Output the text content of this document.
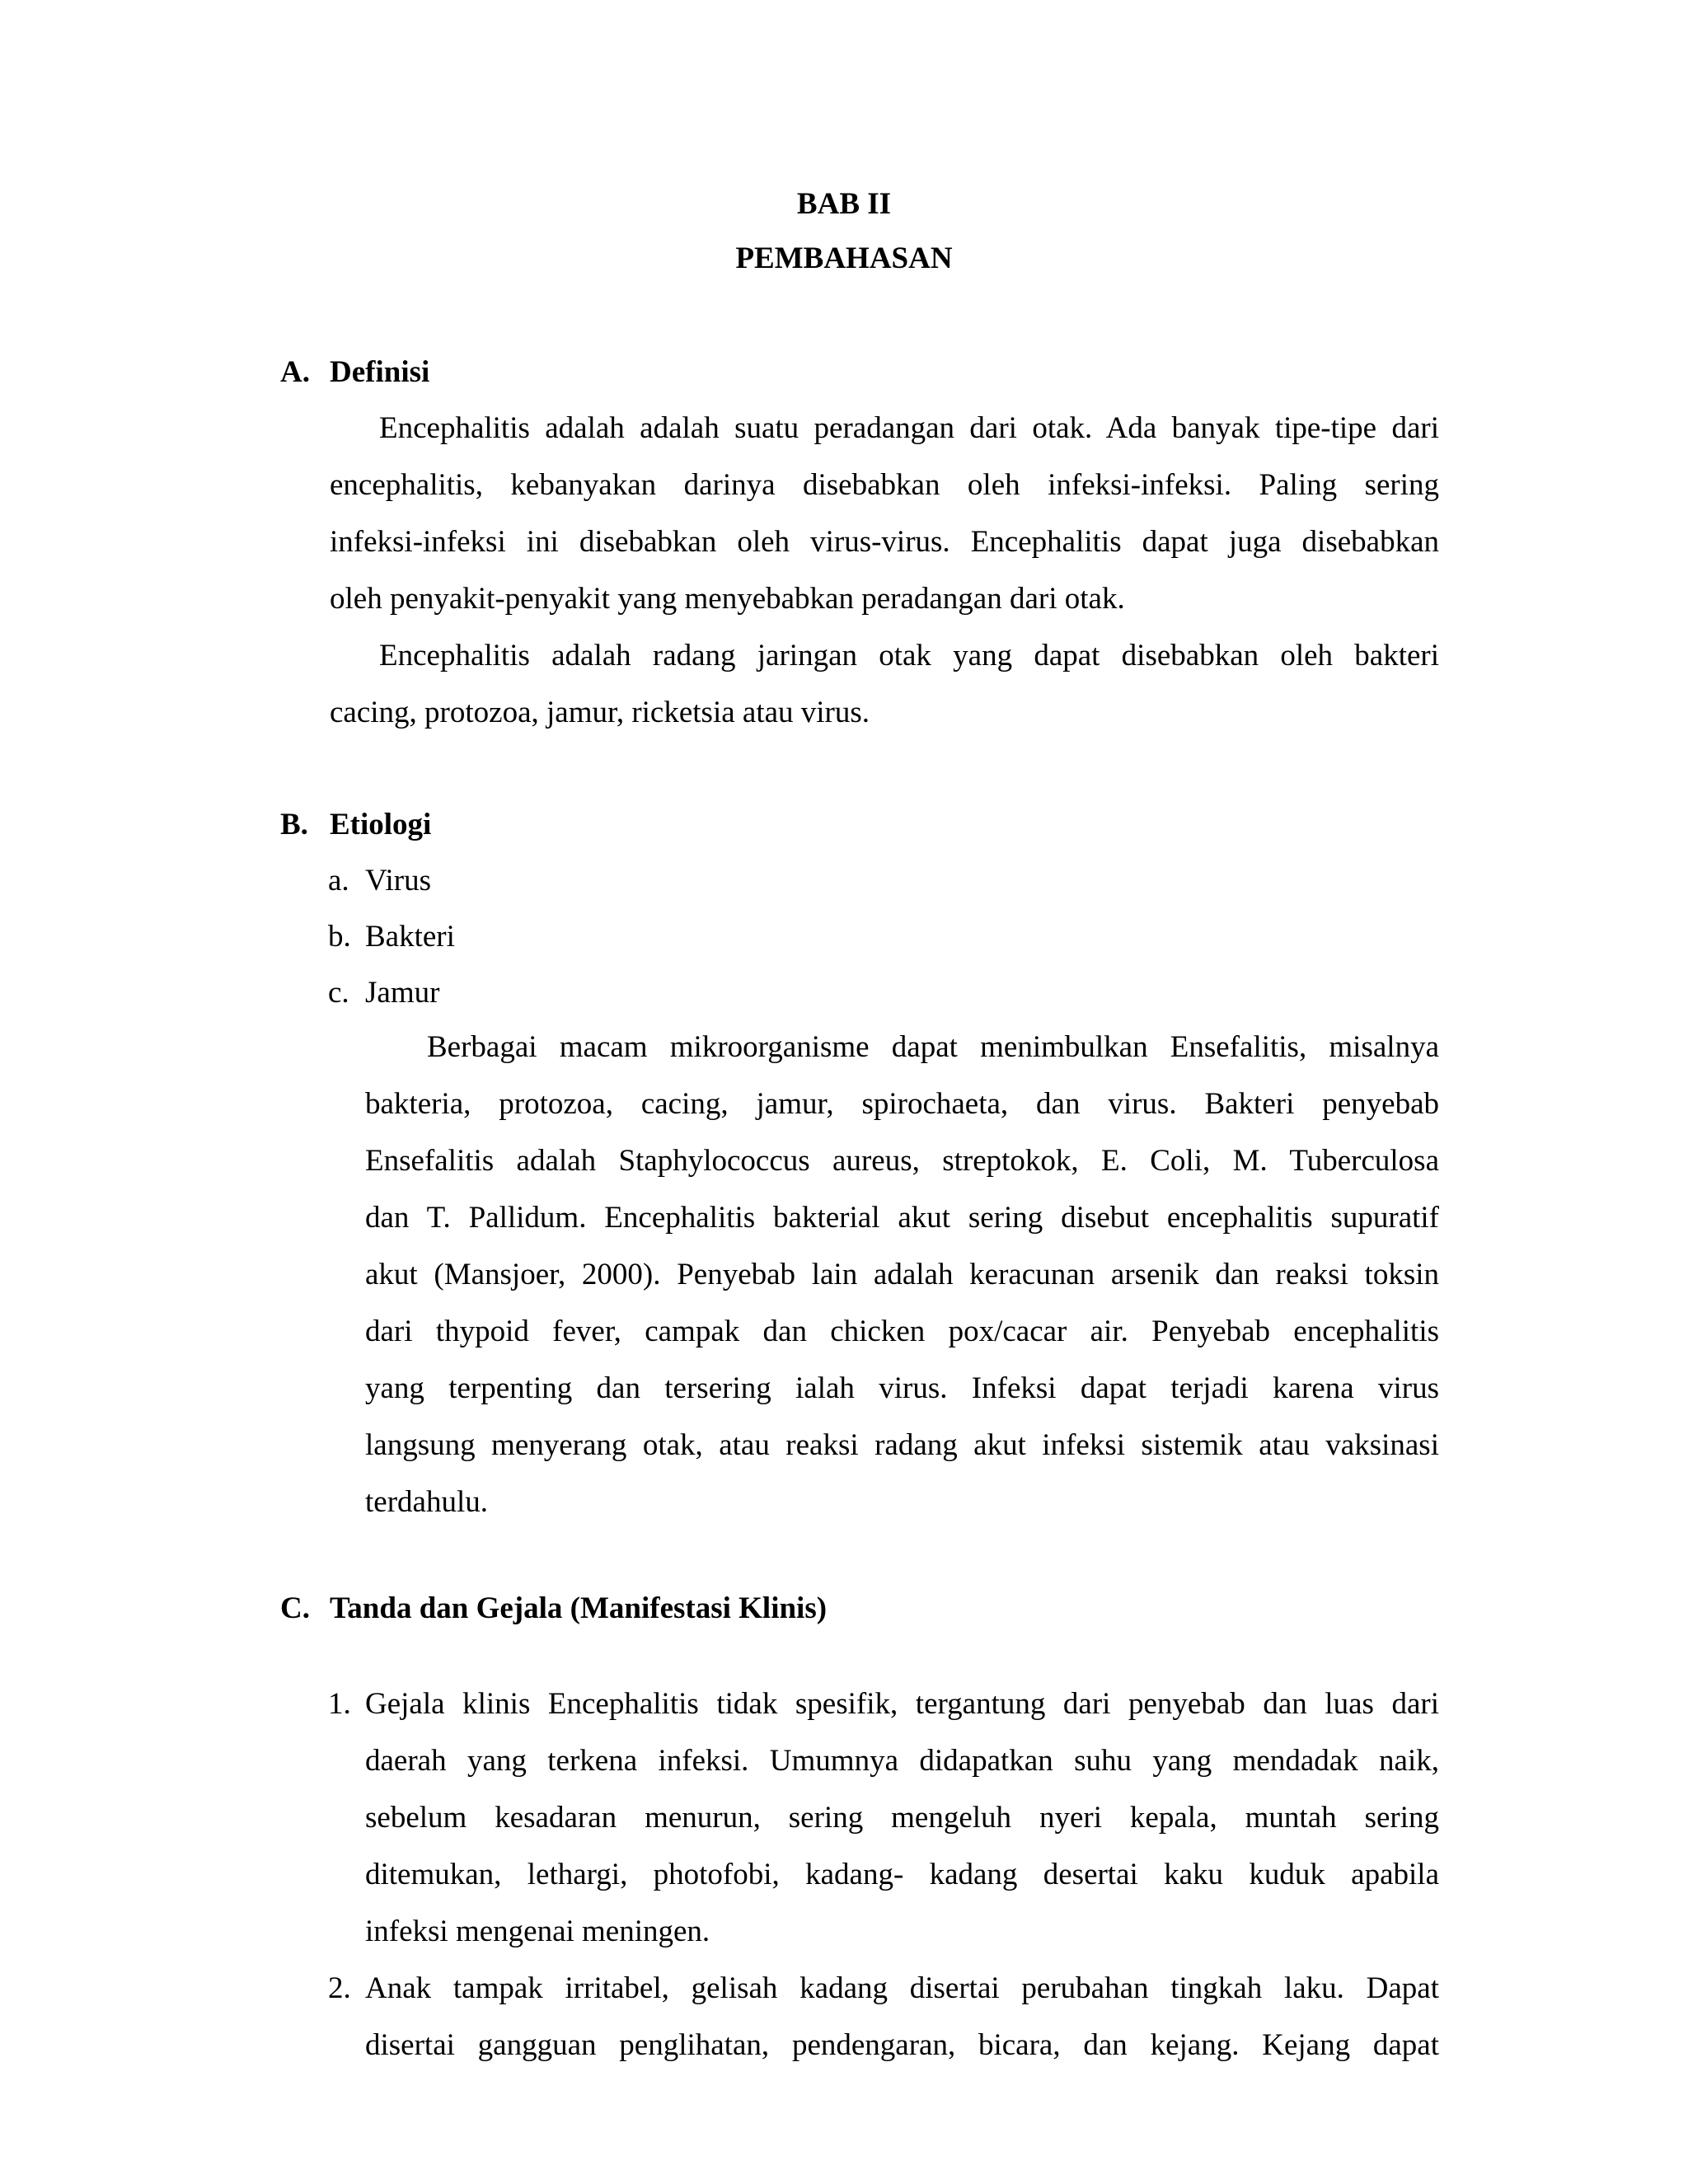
BAB II
PEMBAHASAN
A. Definisi
Encephalitis adalah adalah suatu peradangan dari otak. Ada banyak tipe-tipe dari
encephalitis, kebanyakan darinya disebabkan oleh infeksi-infeksi. Paling sering
infeksi-infeksi ini disebabkan oleh virus-virus. Encephalitis dapat juga disebabkan
oleh penyakit-penyakit yang menyebabkan peradangan dari otak.
Encephalitis adalah radang jaringan otak yang dapat disebabkan oleh bakteri
cacing, protozoa, jamur, ricketsia atau virus.
B. Etiologi
a. Virus
b. Bakteri
c. Jamur
Berbagai macam mikroorganisme dapat menimbulkan Ensefalitis, misalnya
bakteria, protozoa, cacing, jamur, spirochaeta, dan virus. Bakteri penyebab
Ensefalitis adalah Staphylococcus aureus, streptokok, E. Coli, M. Tuberculosa
dan T. Pallidum. Encephalitis bakterial akut sering disebut encephalitis supuratif
akut (Mansjoer, 2000). Penyebab lain adalah keracunan arsenik dan reaksi toksin
dari thypoid fever, campak dan chicken pox/cacar air. Penyebab encephalitis
yang terpenting dan tersering ialah virus. Infeksi dapat terjadi karena virus
langsung menyerang otak, atau reaksi radang akut infeksi sistemik atau vaksinasi
terdahulu.
C. Tanda dan Gejala (Manifestasi Klinis)
1. Gejala klinis Encephalitis tidak spesifik, tergantung dari penyebab dan luas dari
daerah yang terkena infeksi. Umumnya didapatkan suhu yang mendadak naik,
sebelum kesadaran menurun, sering mengeluh nyeri kepala, muntah sering
ditemukan, lethargi, photofobi, kadang- kadang desertai kaku kuduk apabila
infeksi mengenai meningen.
2. Anak tampak irritabel, gelisah kadang disertai perubahan tingkah laku. Dapat
disertai gangguan penglihatan, pendengaran, bicara, dan kejang. Kejang dapat
